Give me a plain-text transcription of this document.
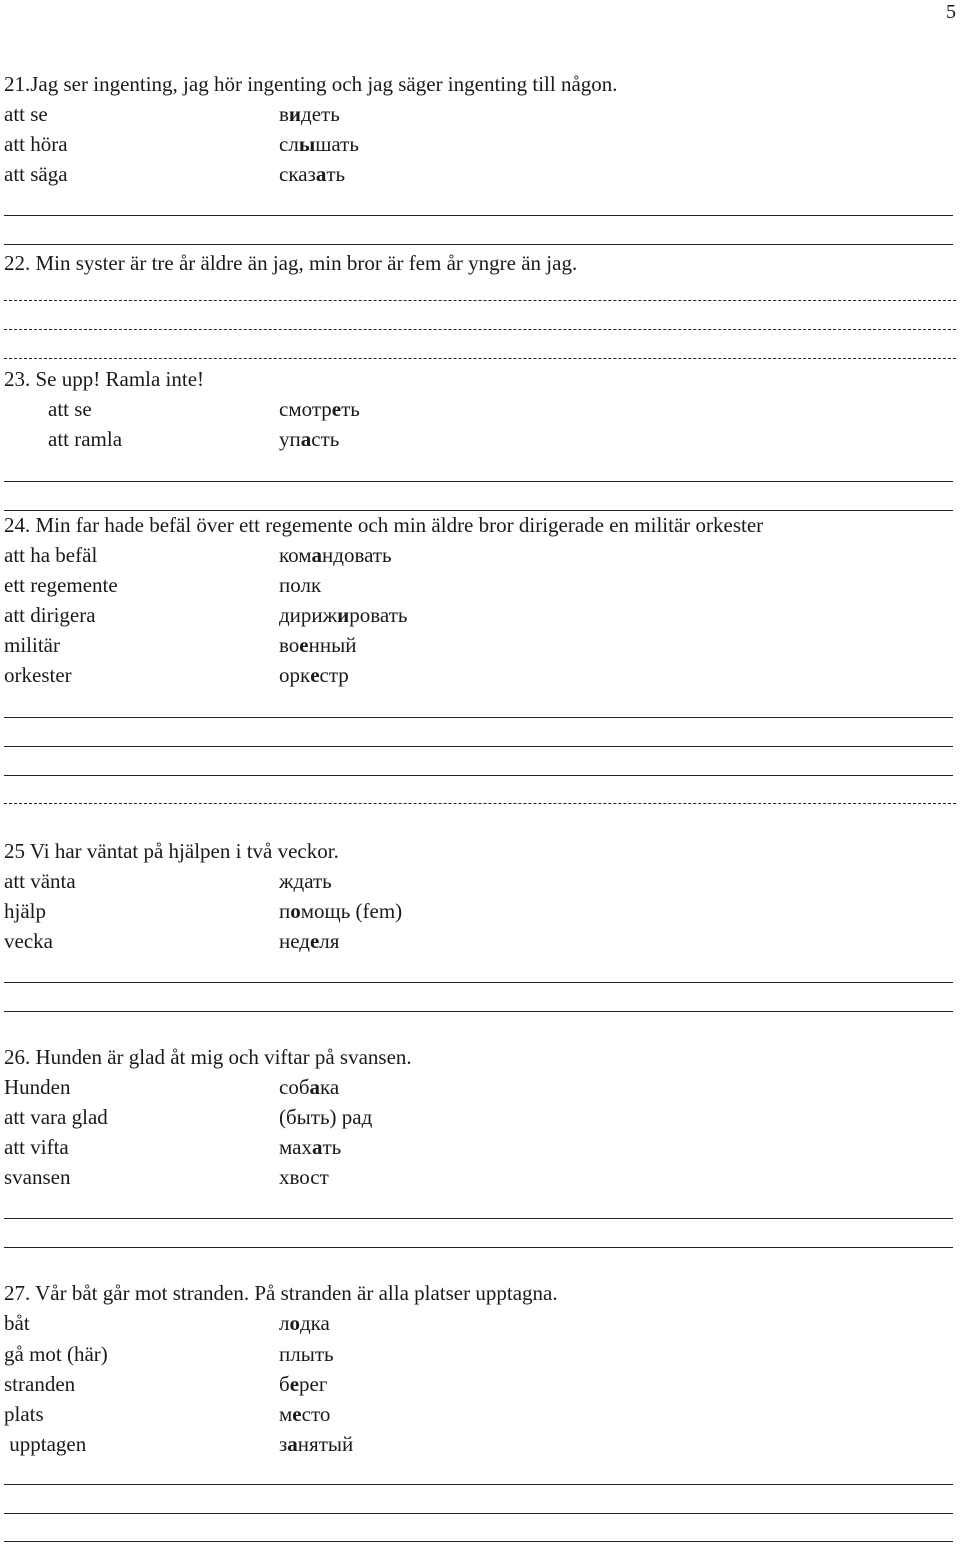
5
21.Jag ser ingenting, jag hör ingenting och jag säger ingenting till någon.
att se	видеть
att höra	слышать
att säga	сказать
22. Min syster är tre år äldre än jag, min bror är fem år yngre än jag.
23. Se upp! Ramla inte!
att se	смотреть
att ramla	упасть
24. Min far hade befäl över ett regemente och min äldre bror dirigerade en militär orkester
att ha befäl	командовать
ett regemente	полк
att dirigera	дирижировать
militär	военный
orkester	оркестр
25 Vi har väntat på hjälpen i två veckor.
att vänta	ждать
hjälp	помощь (fem)
vecka	неделя
26. Hunden är glad åt mig och viftar på svansen.
Hunden	собака
att vara glad	(быть) рад
att vifta	махать
svansen	хвост
27. Vår båt går mot stranden. På stranden är alla platser upptagna.
båt	лодка
gå mot (här)	плыть
stranden	берег
plats	место
upptagen	занятый
